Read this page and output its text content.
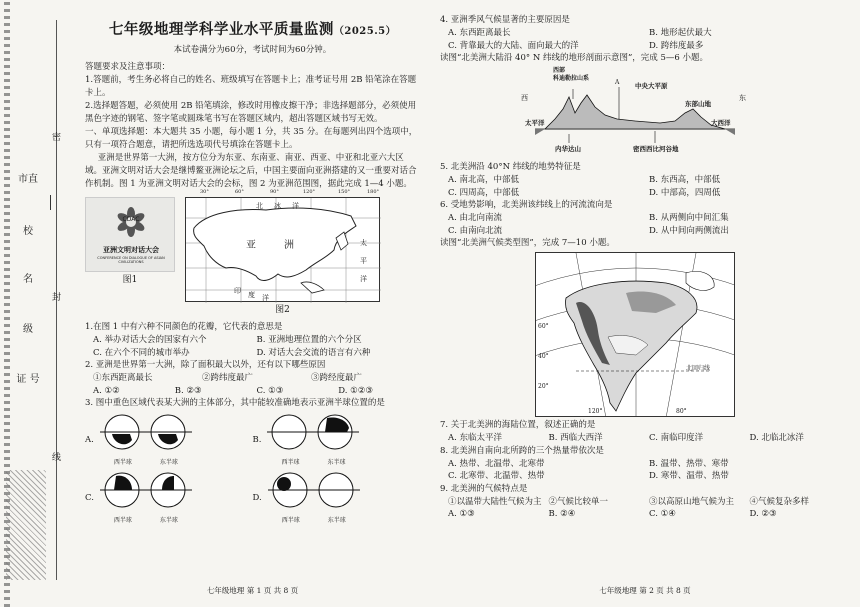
市直
校
名
级
证 号
密
封
线
七年级地理学科学业水平质量监测（2025.5）
本试卷满分为60分，考试时间为60分钟。

答题要求及注意事项：

1.答题前，考生务必将自己的姓名、班级填写在答题卡上；准考证号用 2B 铅笔涂在答题卡上。

2.选择题答题，必须使用 2B 铅笔填涂，修改时用橡皮擦干净；非选择题部分，必须使用黑色字迹的钢笔、签字笔或圆珠笔书写在答题区域内，超出答题区域书写无效。

一、单项选择题：本大题共 35 小题，每小题 1 分，共 35 分。在每题列出四个选项中，只有一项符合题意，请把所选选项代号填涂在答题卡上。

亚洲是世界第一大洲，按方位分为东亚、东南亚、南亚、西亚、中亚和北亚六大区域。亚洲文明对话大会是继博鳌亚洲论坛之后，中国主要面向亚洲搭建的又一重要对话合作机制。图 1 为亚洲文明对话大会的会标，图 2 为亚洲范围图，据此完成 1—4 小题。

CDAC
亚洲文明对话大会
CONFERENCE ON DIALOGUE OF ASIAN CIVILIZATIONS
图1
北 冰 洋
亚	洲	太
平
洋
印 度 洋
30°	60°	90°	120°	150°	180°
图2

1.在图 1 中有六种不同颜色的花瓣，它代表的意思是

A. 举办对话大会的国家有六个	B. 亚洲地理位置的六个分区
C. 在六个不同的城市举办	D. 对话大会交流的语言有六种

2. 亚洲是世界第一大洲，除了面积最大以外，还有以下哪些原因

①东西距离最长	②跨纬度最广	③跨经度最广
A. ①②	B. ②③	C. ①③	D. ①②③

3. 图中重色区域代表某大洲的主体部分，其中能较准确地表示亚洲半球位置的是

A.
西半球	东半球
B.
西半球	东半球
C.
西半球	东半球
D.
西半球	东半球
七年级地理 第 1 页 共 8 页

4. 亚洲季风气候显著的主要原因是

A. 东西距离最长	B. 地形起伏最大
C. 背靠最大的大陆、面向最大的洋	D. 跨纬度最多

读图“北美洲大陆沿 40° N 纬线的地形剖面示意图”，完成 5—6 小题。

西	东
西部
科迪勒拉山系
A 中央大平原
东部山地
太平洋	大西洋
内华达山	密西西比河谷地

5. 北美洲沿 40°N 纬线的地势特征是

A. 南北高，中部低	B. 东西高，中部低
C. 四周高，中部低	D. 中部高，四周低

6. 受地势影响，北美洲该纬线上的河流流向是

A. 由北向南流	B. 从两侧向中间汇集
C. 由南向北流	D. 从中间向两侧流出

读图“北美洲气候类型图”，完成 7—10 小题。

60°
40°
20°
120°	80°
北回归线

7. 关于北美洲的海陆位置，叙述正确的是

A. 东临太平洋	B. 西临大西洋	C. 南临印度洋	D. 北临北冰洋

8. 北美洲自南向北所跨的三个热量带依次是

A. 热带、北温带、北寒带	B. 温带、热带、寒带
C. 北寒带、北温带、热带	D. 寒带、温带、热带

9. 北美洲的气候特点是

①以温带大陆性气候为主 ②气候比较单一	③以高原山地气候为主	④气候复杂多样
A. ①③	B. ②④	C. ①④	D. ②③
七年级地理 第 2 页 共 8 页
